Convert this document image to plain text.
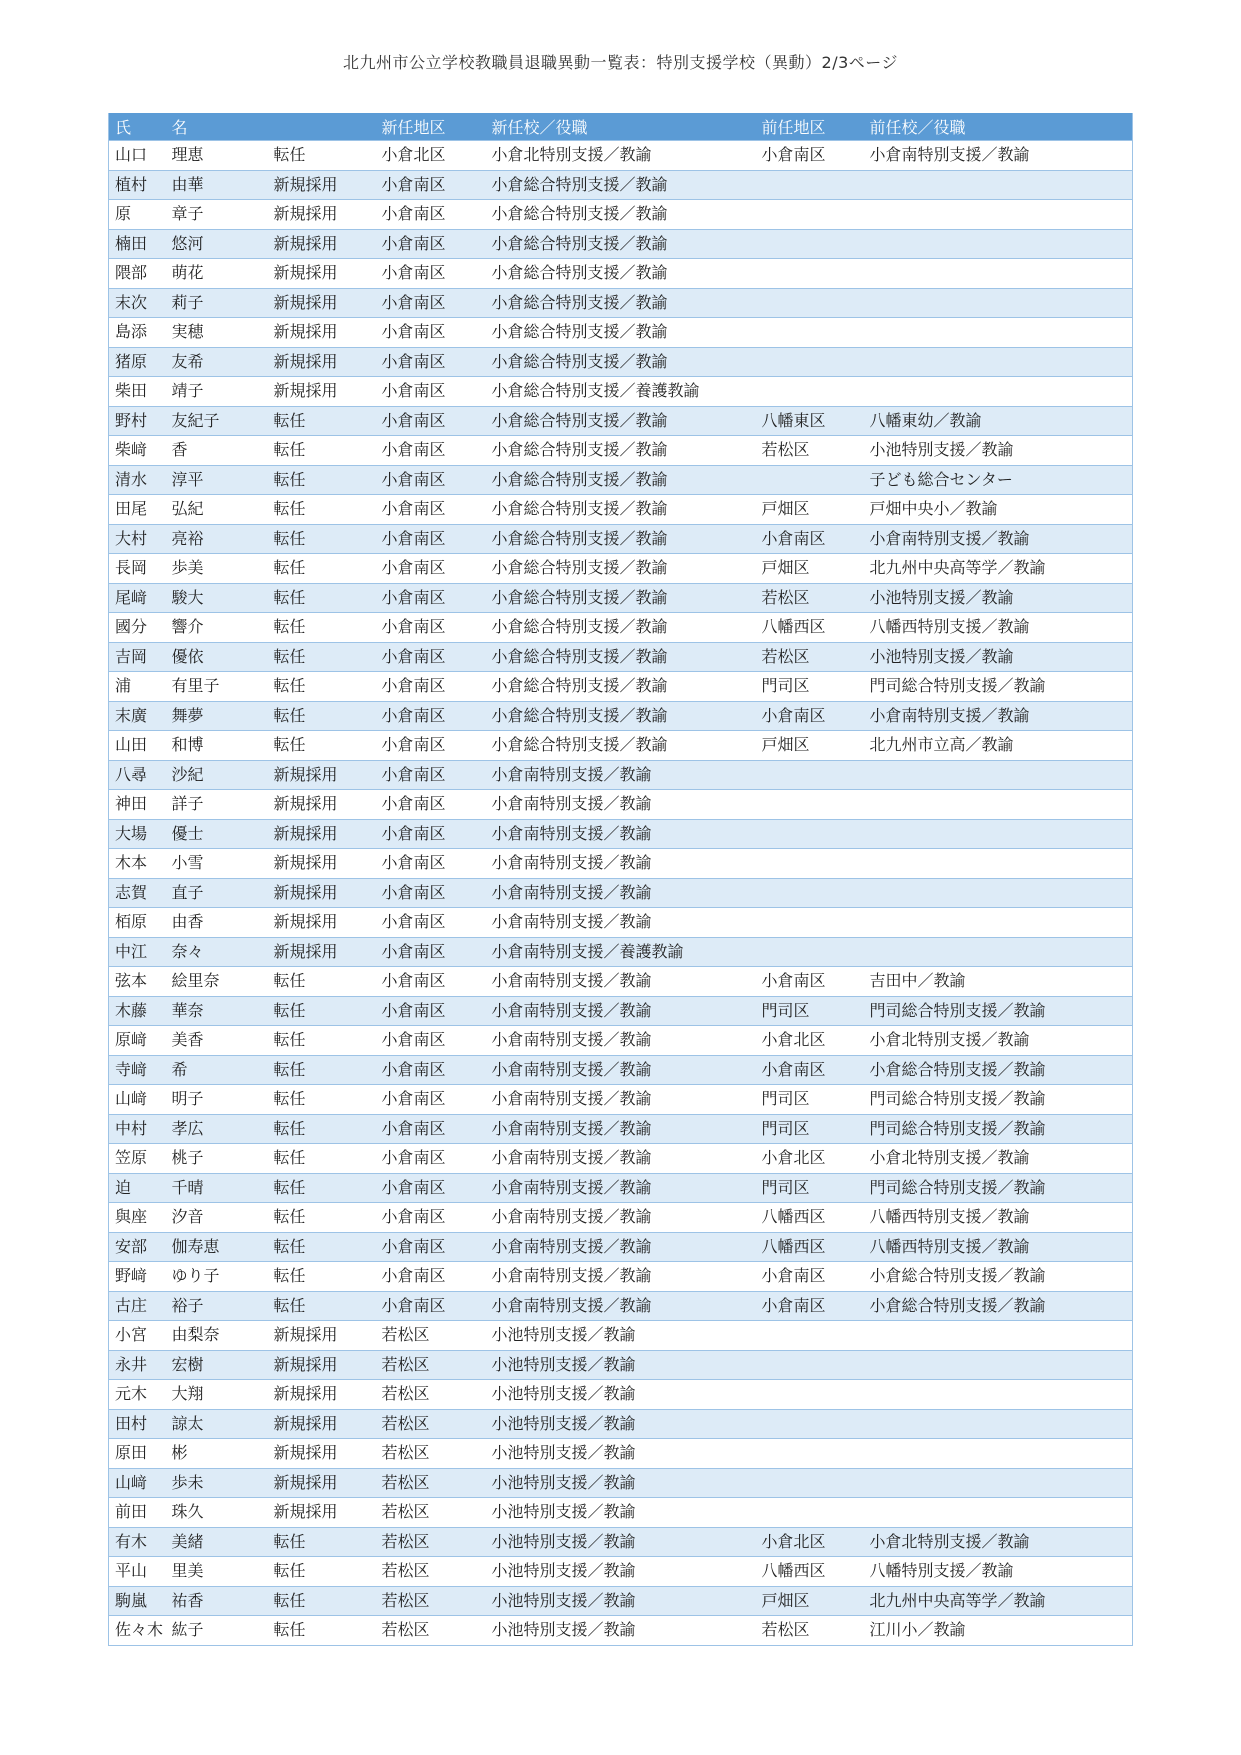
北九州市公立学校教職員退職異動一覧表：特別支援学校（異動）2/3ページ
氏	名		新任地区	新任校／役職	前任地区	前任校／役職
山口	理恵	転任	小倉北区	小倉北特別支援／教諭	小倉南区	小倉南特別支援／教諭
植村	由華	新規採用	小倉南区	小倉総合特別支援／教諭		
原	章子	新規採用	小倉南区	小倉総合特別支援／教諭		
楠田	悠河	新規採用	小倉南区	小倉総合特別支援／教諭		
隈部	萌花	新規採用	小倉南区	小倉総合特別支援／教諭		
末次	莉子	新規採用	小倉南区	小倉総合特別支援／教諭		
島添	実穂	新規採用	小倉南区	小倉総合特別支援／教諭		
猪原	友希	新規採用	小倉南区	小倉総合特別支援／教諭		
柴田	靖子	新規採用	小倉南区	小倉総合特別支援／養護教諭		
野村	友紀子	転任	小倉南区	小倉総合特別支援／教諭	八幡東区	八幡東幼／教諭
柴﨑	香	転任	小倉南区	小倉総合特別支援／教諭	若松区	小池特別支援／教諭
清水	淳平	転任	小倉南区	小倉総合特別支援／教諭		子ども総合センター
田尾	弘紀	転任	小倉南区	小倉総合特別支援／教諭	戸畑区	戸畑中央小／教諭
大村	亮裕	転任	小倉南区	小倉総合特別支援／教諭	小倉南区	小倉南特別支援／教諭
長岡	歩美	転任	小倉南区	小倉総合特別支援／教諭	戸畑区	北九州中央高等学／教諭
尾﨑	駿大	転任	小倉南区	小倉総合特別支援／教諭	若松区	小池特別支援／教諭
國分	響介	転任	小倉南区	小倉総合特別支援／教諭	八幡西区	八幡西特別支援／教諭
吉岡	優依	転任	小倉南区	小倉総合特別支援／教諭	若松区	小池特別支援／教諭
浦	有里子	転任	小倉南区	小倉総合特別支援／教諭	門司区	門司総合特別支援／教諭
末廣	舞夢	転任	小倉南区	小倉総合特別支援／教諭	小倉南区	小倉南特別支援／教諭
山田	和博	転任	小倉南区	小倉総合特別支援／教諭	戸畑区	北九州市立高／教諭
八尋	沙紀	新規採用	小倉南区	小倉南特別支援／教諭		
神田	詳子	新規採用	小倉南区	小倉南特別支援／教諭		
大場	優士	新規採用	小倉南区	小倉南特別支援／教諭		
木本	小雪	新規採用	小倉南区	小倉南特別支援／教諭		
志賀	直子	新規採用	小倉南区	小倉南特別支援／教諭		
栢原	由香	新規採用	小倉南区	小倉南特別支援／教諭		
中江	奈々	新規採用	小倉南区	小倉南特別支援／養護教諭		
弦本	絵里奈	転任	小倉南区	小倉南特別支援／教諭	小倉南区	吉田中／教諭
木藤	華奈	転任	小倉南区	小倉南特別支援／教諭	門司区	門司総合特別支援／教諭
原﨑	美香	転任	小倉南区	小倉南特別支援／教諭	小倉北区	小倉北特別支援／教諭
寺﨑	希	転任	小倉南区	小倉南特別支援／教諭	小倉南区	小倉総合特別支援／教諭
山﨑	明子	転任	小倉南区	小倉南特別支援／教諭	門司区	門司総合特別支援／教諭
中村	孝広	転任	小倉南区	小倉南特別支援／教諭	門司区	門司総合特別支援／教諭
笠原	桃子	転任	小倉南区	小倉南特別支援／教諭	小倉北区	小倉北特別支援／教諭
迫	千晴	転任	小倉南区	小倉南特別支援／教諭	門司区	門司総合特別支援／教諭
與座	汐音	転任	小倉南区	小倉南特別支援／教諭	八幡西区	八幡西特別支援／教諭
安部	伽寿恵	転任	小倉南区	小倉南特別支援／教諭	八幡西区	八幡西特別支援／教諭
野﨑	ゆり子	転任	小倉南区	小倉南特別支援／教諭	小倉南区	小倉総合特別支援／教諭
古庄	裕子	転任	小倉南区	小倉南特別支援／教諭	小倉南区	小倉総合特別支援／教諭
小宮	由梨奈	新規採用	若松区	小池特別支援／教諭		
永井	宏樹	新規採用	若松区	小池特別支援／教諭		
元木	大翔	新規採用	若松区	小池特別支援／教諭		
田村	諒太	新規採用	若松区	小池特別支援／教諭		
原田	彬	新規採用	若松区	小池特別支援／教諭		
山﨑	歩未	新規採用	若松区	小池特別支援／教諭		
前田	珠久	新規採用	若松区	小池特別支援／教諭		
有木	美緒	転任	若松区	小池特別支援／教諭	小倉北区	小倉北特別支援／教諭
平山	里美	転任	若松区	小池特別支援／教諭	八幡西区	八幡特別支援／教諭
駒嵐	祐香	転任	若松区	小池特別支援／教諭	戸畑区	北九州中央高等学／教諭
佐々木	紘子	転任	若松区	小池特別支援／教諭	若松区	江川小／教諭
